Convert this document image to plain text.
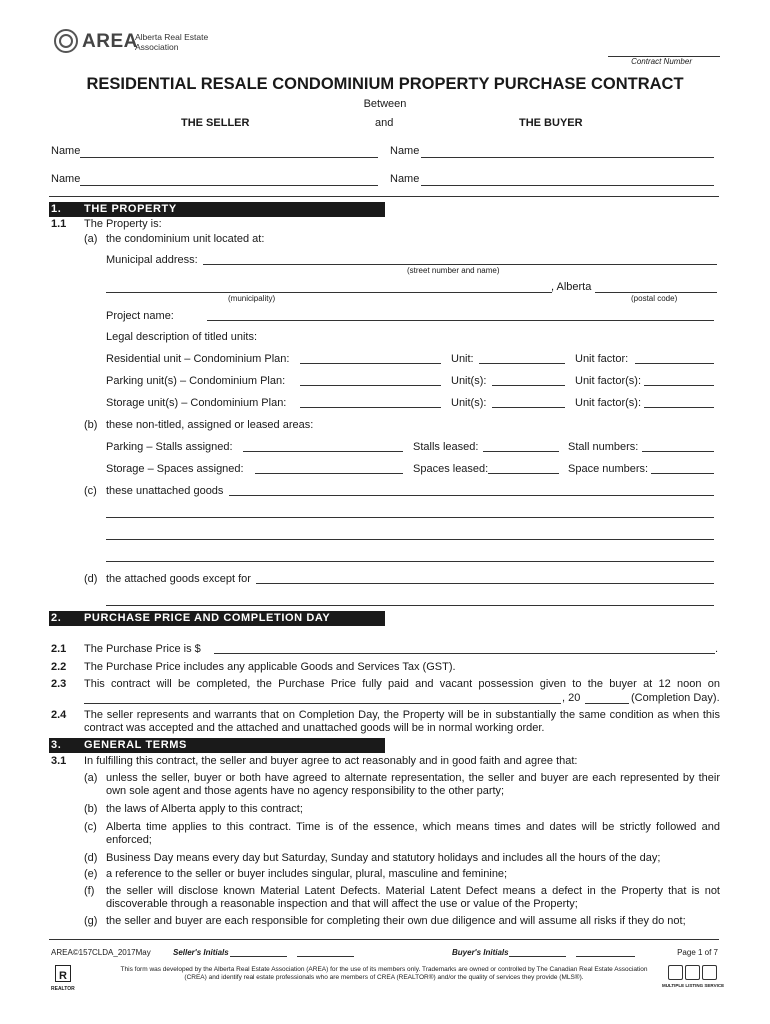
AREA
Alberta Real Estate
Association
Contract Number
RESIDENTIAL RESALE CONDOMINIUM PROPERTY PURCHASE CONTRACT
Between
THE SELLER	and	THE BUYER
Name	Name
Name	Name
1. THE PROPERTY
1.1 The Property is:
(a) the condominium unit located at:
Municipal address:
(street number and name)
, Alberta
(municipality)	(postal code)
Project name:
Legal description of titled units:
Residential unit – Condominium Plan:	Unit:	Unit factor:
Parking unit(s) – Condominium Plan:	Unit(s):	Unit factor(s):
Storage unit(s) – Condominium Plan:	Unit(s):	Unit factor(s):
(b) these non-titled, assigned or leased areas:
Parking – Stalls assigned:	Stalls leased:	Stall numbers:
Storage – Spaces assigned:	Spaces leased:	Space numbers:
(c) these unattached goods
(d) the attached goods except for
2. PURCHASE PRICE AND COMPLETION DAY
2.1 The Purchase Price is $	.
2.2 The Purchase Price includes any applicable Goods and Services Tax (GST).
2.3 This contract will be completed, the Purchase Price fully paid and vacant possession given to the buyer at 12 noon on
, 20	(Completion Day).
2.4 The seller represents and warrants that on Completion Day, the Property will be in substantially the same condition as when this contract was accepted and the attached and unattached goods will be in normal working order.
3. GENERAL TERMS
3.1 In fulfilling this contract, the seller and buyer agree to act reasonably and in good faith and agree that:
(a) unless the seller, buyer or both have agreed to alternate representation, the seller and buyer are each represented by their own sole agent and those agents have no agency responsibility to the other party;
(b) the laws of Alberta apply to this contract;
(c) Alberta time applies to this contract. Time is of the essence, which means times and dates will be strictly followed and enforced;
(d) Business Day means every day but Saturday, Sunday and statutory holidays and includes all the hours of the day;
(e) a reference to the seller or buyer includes singular, plural, masculine and feminine;
(f) the seller will disclose known Material Latent Defects. Material Latent Defect means a defect in the Property that is not discoverable through a reasonable inspection and that will affect the use or value of the Property;
(g) the seller and buyer are each responsible for completing their own due diligence and will assume all risks if they do not;
AREA©157CLDA_2017May	Seller's Initials	Buyer's Initials	Page 1 of 7
R
REALTOR
This form was developed by the Alberta Real Estate Association (AREA) for the use of its members only. Trademarks are owned or controlled by The Canadian Real Estate Association (CREA) and identify real estate professionals who are members of CREA (REALTOR®) and/or the quality of services they provide (MLS®).
MULTIPLE LISTING SERVICE
